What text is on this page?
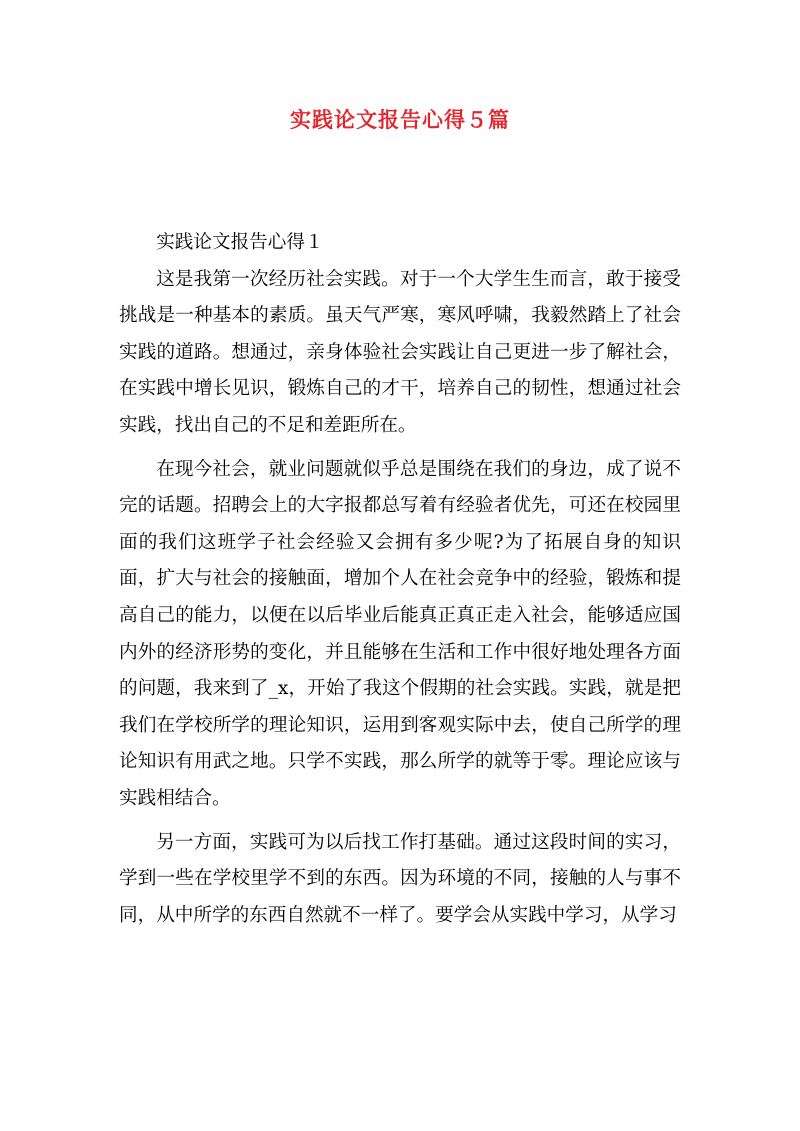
实践论文报告心得５篇

实践论文报告心得１

这是我第一次经历社会实践。对于一个大学生生而言，敢于接受挑战是一种基本的素质。虽天气严寒，寒风呼啸，我毅然踏上了社会实践的道路。想通过，亲身体验社会实践让自己更进一步了解社会，在实践中增长见识，锻炼自己的才干，培养自己的韧性，想通过社会实践，找出自己的不足和差距所在。

在现今社会，就业问题就似乎总是围绕在我们的身边，成了说不完的话题。招聘会上的大字报都总写着有经验者优先，可还在校园里面的我们这班学子社会经验又会拥有多少呢?为了拓展自身的知识面，扩大与社会的接触面，增加个人在社会竞争中的经验，锻炼和提高自己的能力，以便在以后毕业后能真正真正走入社会，能够适应国内外的经济形势的变化，并且能够在生活和工作中很好地处理各方面的问题，我来到了_x，开始了我这个假期的社会实践。实践，就是把我们在学校所学的理论知识，运用到客观实际中去，使自己所学的理论知识有用武之地。只学不实践，那么所学的就等于零。理论应该与实践相结合。

另一方面，实践可为以后找工作打基础。通过这段时间的实习，学到一些在学校里学不到的东西。因为环境的不同，接触的人与事不同，从中所学的东西自然就不一样了。要学会从实践中学习，从学习
